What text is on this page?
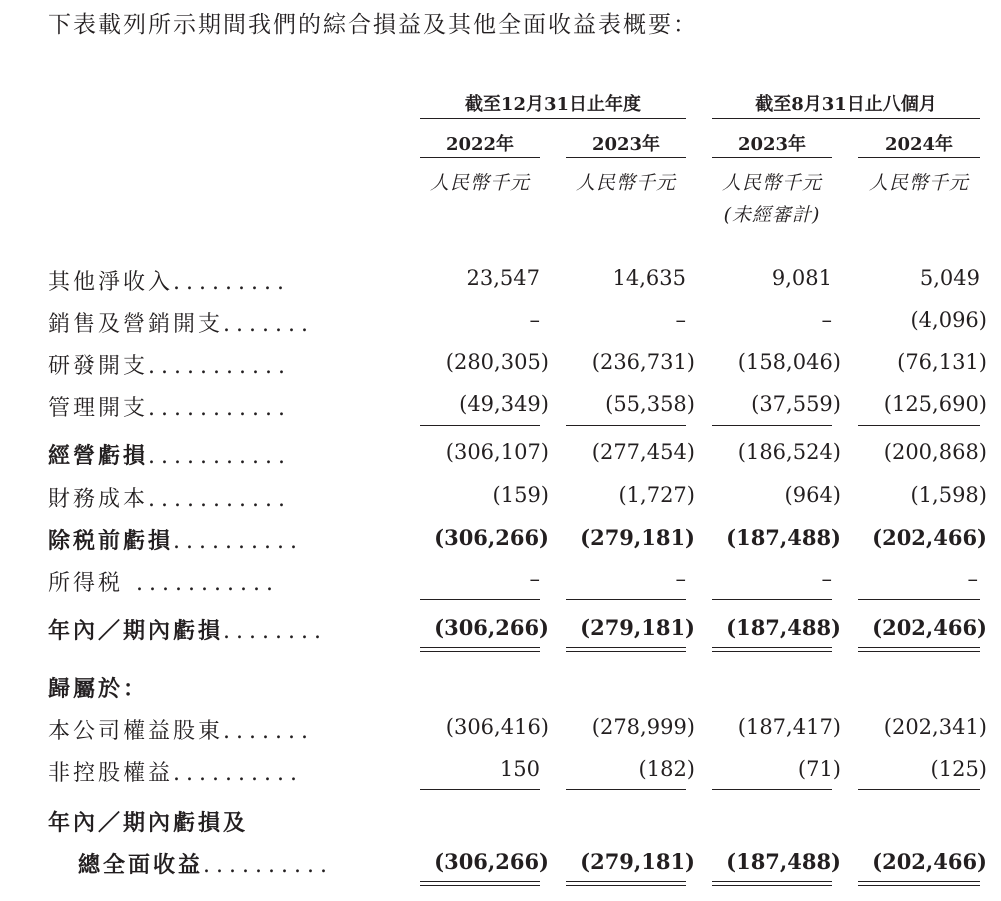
下表載列所示期間我們的綜合損益及其他全面收益表概要：
截至12月31日止年度	截至8月31日止八個月
2022年	2023年	2023年	2024年
人民幣千元	人民幣千元	人民幣千元	人民幣千元
(未經審計)
其他淨收入.........	23,547	14,635	9,081	5,049
銷售及營銷開支.......	–	–	–	(4,096)
研發開支...........	(280,305) (236,731) (158,046)	(76,131)
管理開支...........	(49,349)	(55,358)	(37,559) (125,690)
經營虧損...........	(306,107) (277,454) (186,524) (200,868)
財務成本...........	(159)	(1,727)	(964)	(1,598)
除税前虧損..........	(306,266) (279,181) (187,488) (202,466)
所得税 ...........	–	–	–	–
年內／期內虧損........	(306,266) (279,181) (187,488) (202,466)
歸屬於：
本公司權益股東.......	(306,416) (278,999) (187,417) (202,341)
非控股權益..........	150	(182)	(71)	(125)
年內／期內虧損及
總全面收益..........	(306,266) (279,181) (187,488) (202,466)
